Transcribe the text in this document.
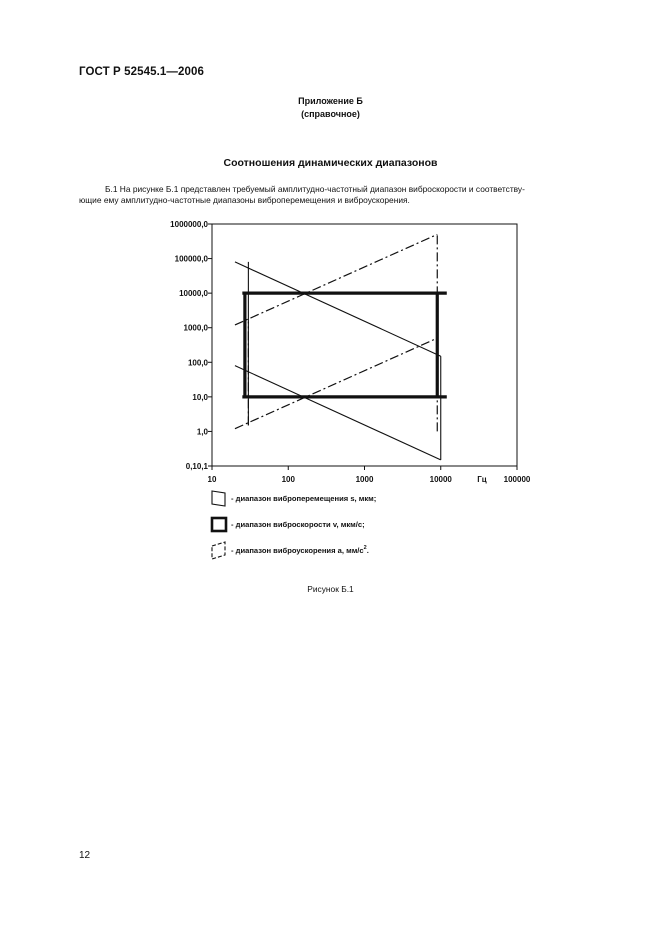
ГОСТ Р 52545.1—2006
Приложение Б
(справочное)
Соотношения динамических диапазонов

Б.1 На рисунке Б.1 представлен требуемый амплитудно-частотный диапазон виброскорости и соответству-

ющие ему амплитудно-частотные диапазоны виброперемещения и виброускорения.

0,10,1
1,0
10,0
100,0
1000,0
10000,0
100000,0
1000000,0
10	100	1000	10000	100000
Гц
- диапазон виброперемещения s, мкм;
- диапазон виброскорости v, мкм/с;
- диапазон виброускорения a, $мм/с^2$.
Рисунок Б.1
12
